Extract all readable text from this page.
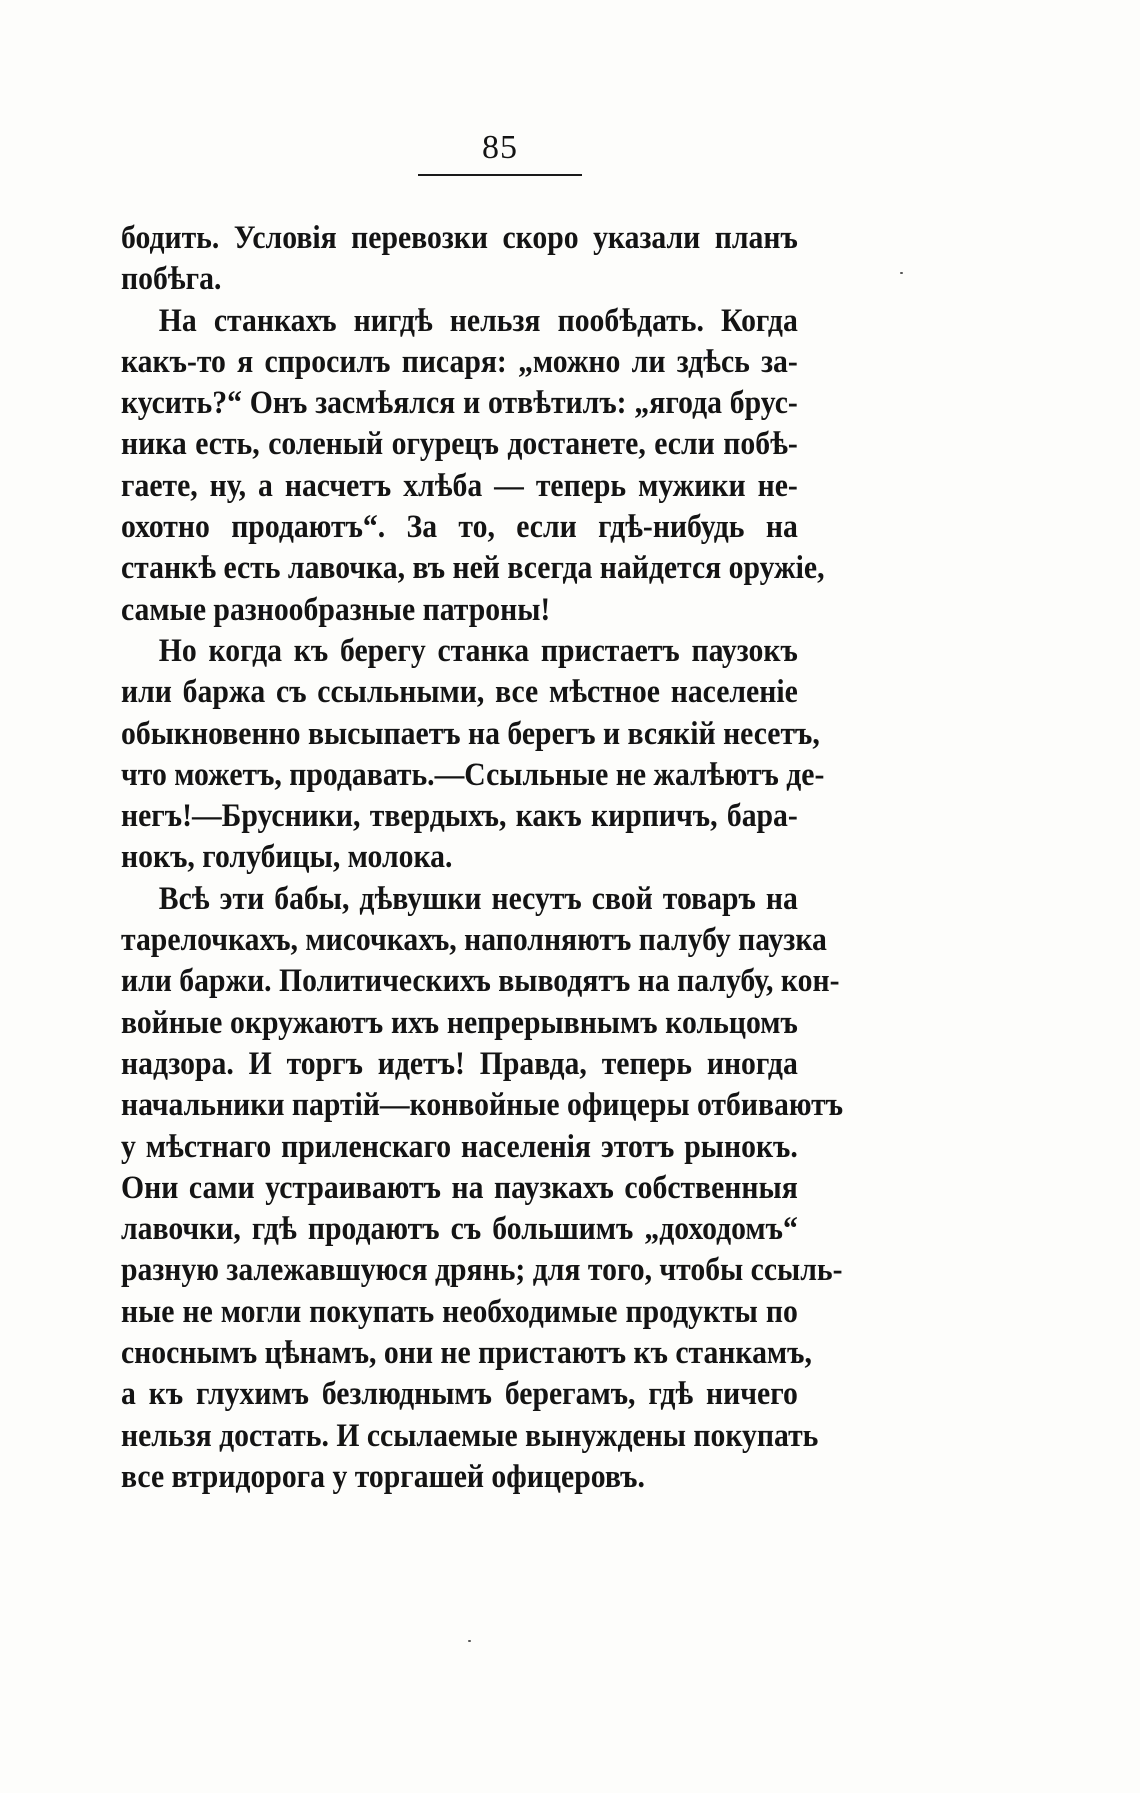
85
бодить. Условія перевозки скоро указали планъ
побѣга.
На станкахъ нигдѣ нельзя пообѣдать. Когда
какъ-то я спросилъ писаря: „можно ли здѣсь за-
кусить?“ Онъ засмѣялся и отвѣтилъ: „ягода брус-
ника есть, соленый огурецъ достанете, если побѣ-
гаете, ну, а насчетъ хлѣба — теперь мужики не-
охотно продаютъ“. За то, если гдѣ-нибудь на
станкѣ есть лавочка, въ ней всегда найдется оружіе,
самые разнообразные патроны!
Но когда къ берегу станка пристаетъ паузокъ
или баржа съ ссыльными, все мѣстное населеніе
обыкновенно высыпаетъ на берегъ и всякій несетъ,
что можетъ, продавать.—Ссыльные не жалѣютъ де-
негъ!—Брусники, твердыхъ, какъ кирпичъ, бара-
нокъ, голубицы, молока.
Всѣ эти бабы, дѣвушки несутъ свой товаръ на
тарелочкахъ, мисочкахъ, наполняютъ палубу паузка
или баржи. Политическихъ выводятъ на палубу, кон-
войные окружаютъ ихъ непрерывнымъ кольцомъ
надзора. И торгъ идетъ! Правда, теперь иногда
начальники партій—конвойные офицеры отбиваютъ
у мѣстнаго приленскаго населенія этотъ рынокъ.
Они сами устраиваютъ на паузкахъ собственныя
лавочки, гдѣ продаютъ съ большимъ „доходомъ“
разную залежавшуюся дрянь; для того, чтобы ссыль-
ные не могли покупать необходимые продукты по
сноснымъ цѣнамъ, они не пристаютъ къ станкамъ,
а къ глухимъ безлюднымъ берегамъ, гдѣ ничего
нельзя достать. И ссылаемые вынуждены покупать
все втридорога у торгашей офицеровъ.
